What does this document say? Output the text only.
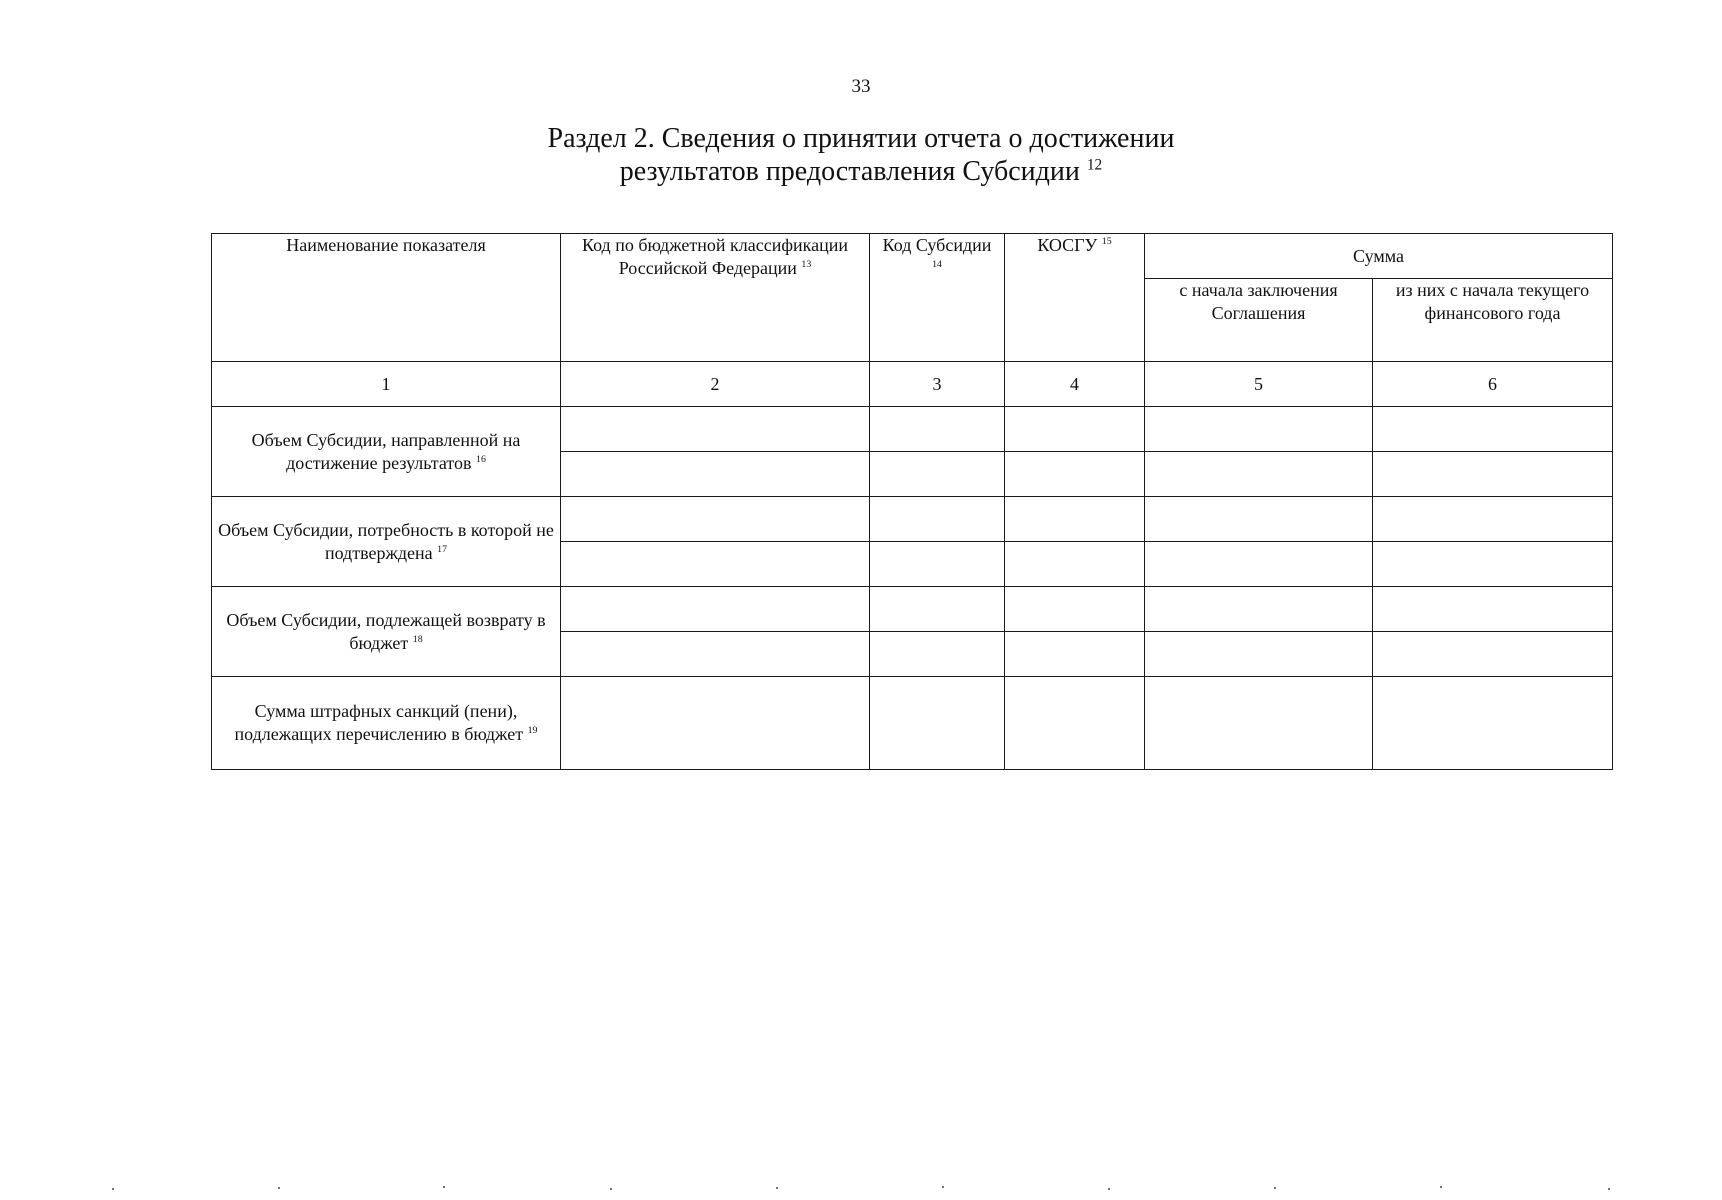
33
Раздел 2. Сведения о принятии отчета о достижении
результатов предоставления Субсидии $^{12}$
Наименование показателя	Код по бюджетной классификации Российской Федерации $^{13}$	Код Субсидии $^{14}$	КОСГУ $^{15}$	Сумма	
				с начала заключения Соглашения	из них с начала текущего финансового года
1	2	3	4	5	6
Объем Субсидии, направленной на достижение результатов $^{16}$					

Объем Субсидии, потребность в которой не подтверждена $^{17}$					

Объем Субсидии, подлежащей возврату в бюджет $^{18}$					

Сумма штрафных санкций (пени), подлежащих перечислению в бюджет $^{19}$					
